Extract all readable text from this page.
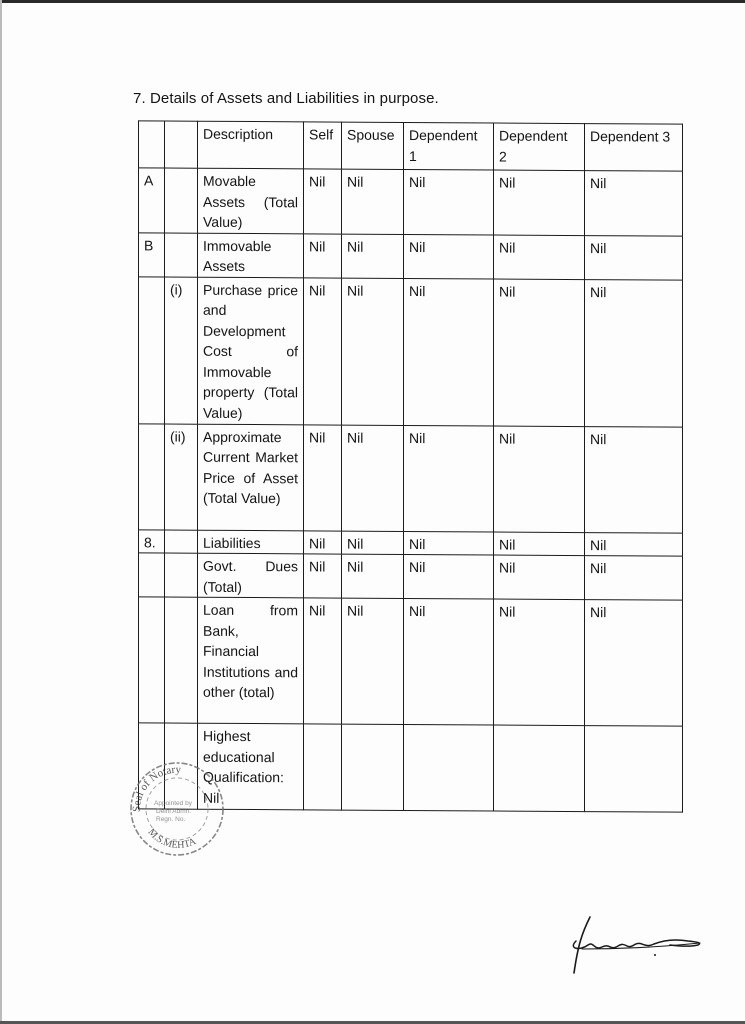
7. Details of Assets and Liabilities in purpose.
		Description	Self	Spouse	Dependent 1	Dependent 2	Dependent 3
A		Movable Assets (Total Value)	Nil	Nil	Nil	Nil	Nil
B		Immovable Assets	Nil	Nil	Nil	Nil	Nil
	(i)	Purchase price and Development Cost of Immovable property (Total Value)	Nil	Nil	Nil	Nil	Nil
	(ii)	Approximate Current Market Price of Asset (Total Value)	Nil	Nil	Nil	Nil	Nil
8.		Liabilities	Nil	Nil	Nil	Nil	Nil
		Govt. Dues (Total)	Nil	Nil	Nil	Nil	Nil
		Loan from Bank, Financial Institutions and other (total)	Nil	Nil	Nil	Nil	Nil
		Highest educational Qualification: Nil					
Seal of Notary
Appointed by Delhi Admn. Regn. No.
M.S.MEHTA
